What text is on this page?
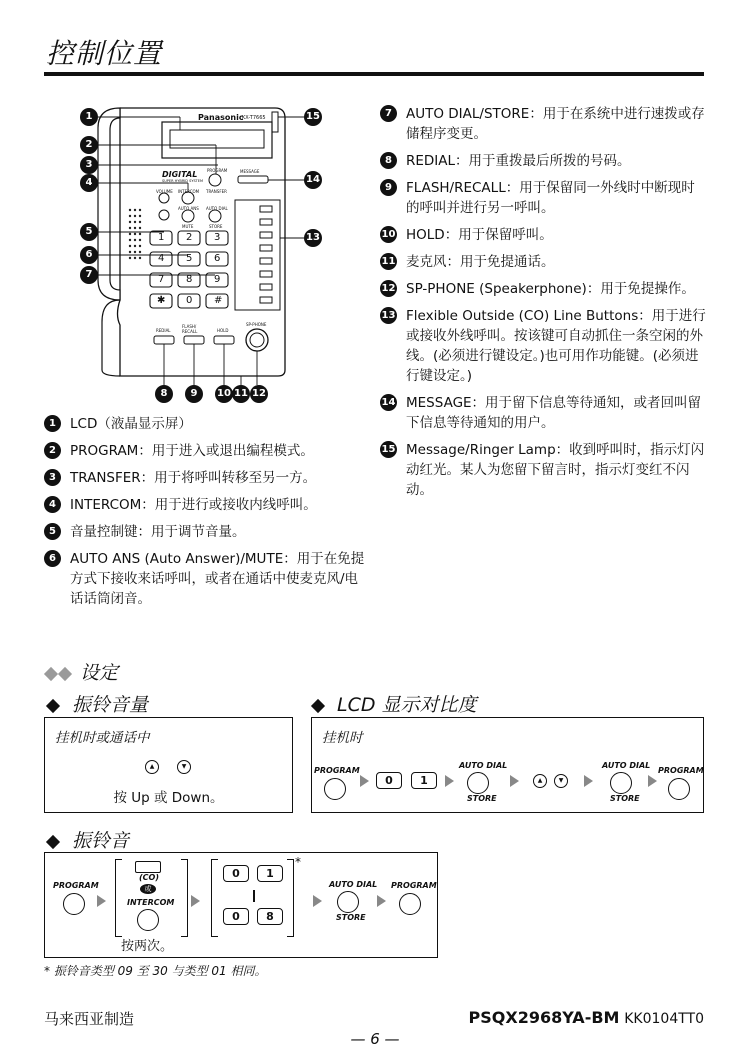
控制位置
Panasonic
KX-T7665
DIGITAL
SUPER HYBRID SYSTEM
PROGRAM	MESSAGE
VOLUME INTERCOM TRANSFER
AUTO ANS AUTO DIAL
MUTE	STORE
REDIAL
FLASH/ RECALL	HOLD
SP-PHONE
1 2 3
4 5 6
7 8 9
✱ 0 #
1
2
3
4
5
6
7
8	9	10 11 12
13
14
15
1	LCD（液晶显示屏）
2	PROGRAM：用于进入或退出编程模式。
3	TRANSFER：用于将呼叫转移至另一方。
4	INTERCOM：用于进行或接收内线呼叫。
5	音量控制键：用于调节音量。
6	AUTO ANS (Auto Answer)/MUTE：用于在免提方式下接收来话呼叫，或者在通话中使麦克风/电话话筒闭音。
7	AUTO DIAL/STORE：用于在系统中进行速拨或存储程序变更。
8	REDIAL：用于重拨最后所拨的号码。
9	FLASH/RECALL：用于保留同一外线时中断现时的呼叫并进行另一呼叫。
10 HOLD：用于保留呼叫。
11 麦克风：用于免提通话。
12 SP-PHONE (Speakerphone)：用于免提操作。
13 Flexible Outside (CO) Line Buttons：用于进行或接收外线呼叫。按该键可自动抓住一条空闲的外线。(必须进行键设定。)也可用作功能键。(必须进行键设定。)
14 MESSAGE：用于留下信息等待通知，或者回叫留下信息等待通知的用户。
15 Message/Ringer Lamp：收到呼叫时，指示灯闪动红光。某人为您留下留言时，指示灯变红不闪动。
设定
振铃音量
挂机时或通话中
▲	▼
按 Up 或 Down。
LCD 显示对比度
挂机时
PROGRAM
0	1
AUTO DIAL
STORE
▲	▼
AUTO DIAL
STORE
PROGRAM
振铃音
PROGRAM
(CO)
或
INTERCOM
按两次。
0	1
*
0	8
AUTO DIAL
STORE
PROGRAM
* 振铃音类型 09 至 30 与类型 01 相同。
马来西亚制造	PSQX2968YA-BM KK0104TT0
— 6 —
